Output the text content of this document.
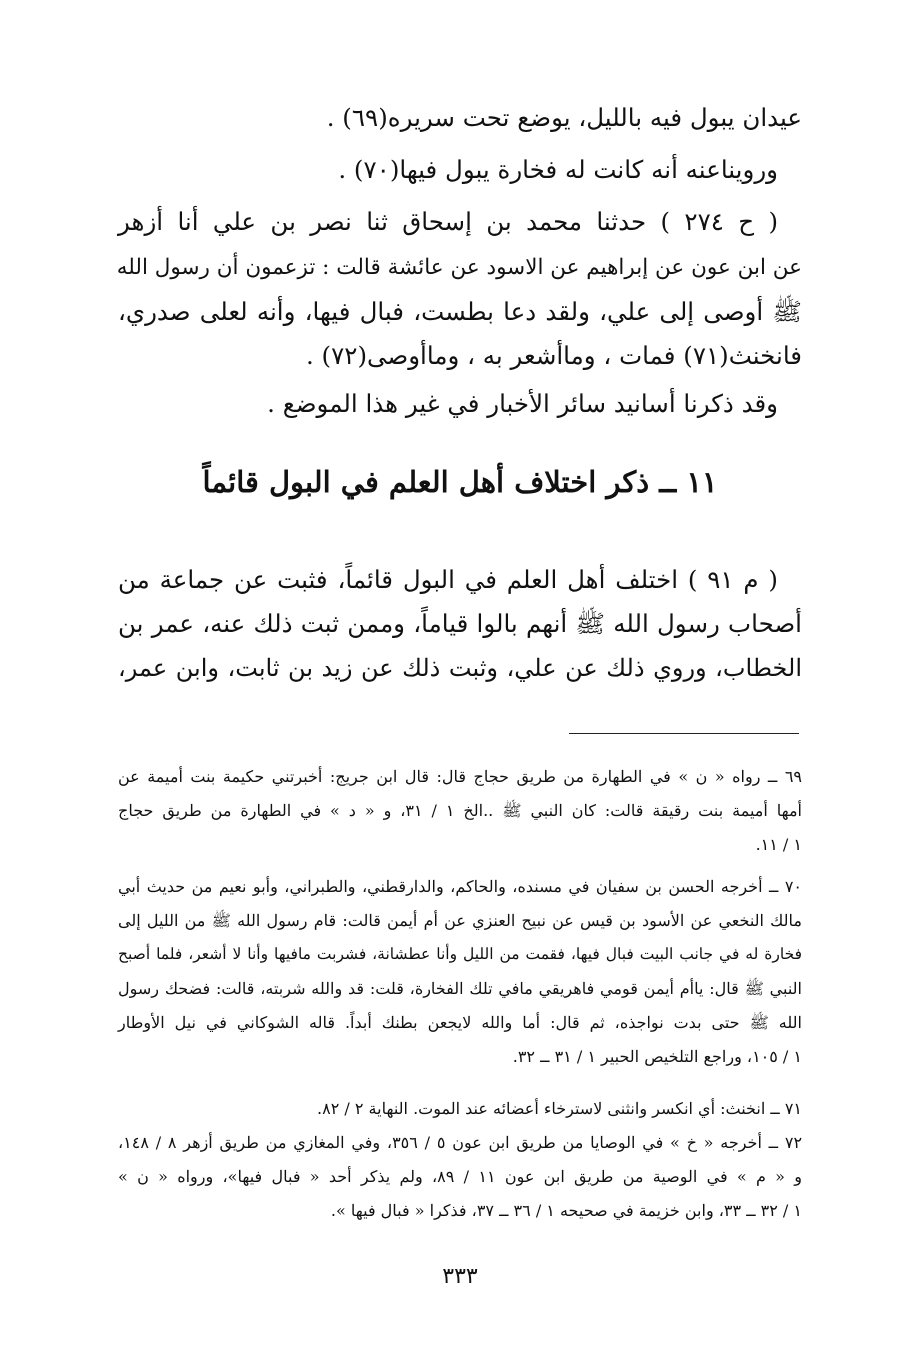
عيدان يبول فيه بالليل، يوضع تحت سريره(٦٩) .
ورويناعنه أنه كانت له فخارة يبول فيها(٧٠) .
( ح ٢٧٤ ) حدثنا محمد بن إسحاق ثنا نصر بن علي أنا أزهر
عن ابن عون عن إبراهيم عن الاسود عن عائشة قالت : تزعمون أن رسول الله
ﷺ أوصى إلى علي، ولقد دعا بطست، فبال فيها، وأنه لعلى صدري،
فانخنث(٧١) فمات ، وماأشعر به ، وماأوصى(٧٢) .
وقد ذكرنا أسانيد سائر الأخبار في غير هذا الموضع .
١١ ــ ذكر اختلاف أهل العلم في البول قائماً
( م ٩١ ) اختلف أهل العلم في البول قائماً، فثبت عن جماعة من
أصحاب رسول الله ﷺ أنهم بالوا قياماً، وممن ثبت ذلك عنه، عمر بن
الخطاب، وروي ذلك عن علي، وثبت ذلك عن زيد بن ثابت، وابن عمر،
٦٩ ــ رواه « ن » في الطهارة من طريق حجاج قال: قال ابن جريج: أخبرتني حكيمة بنت أميمة عن
أمها أميمة بنت رقيقة قالت: كان النبي ﷺ ..الخ ١ / ٣١، و « د » في الطهارة من طريق حجاج
١ / ١١.
٧٠ ــ أخرجه الحسن بن سفيان في مسنده، والحاكم، والدارقطني، والطبراني، وأبو نعيم من حديث أبي
مالك النخعي عن الأسود بن قيس عن نبيح العنزي عن أم أيمن قالت: قام رسول الله ﷺ من الليل إلى
فخارة له في جانب البيت فبال فيها، فقمت من الليل وأنا عطشانة، فشربت مافيها وأنا لا أشعر، فلما أصبح
النبي ﷺ قال: ياأم أيمن قومي فاهريقي مافي تلك الفخارة، قلت: قد والله شربته، قالت: فضحك رسول
الله ﷺ حتى بدت نواجذه، ثم قال: أما والله لايجعن بطنك أبداً. قاله الشوكاني في نيل الأوطار
١ / ١٠٥، وراجع التلخيص الحبير ١ / ٣١ ــ ٣٢.
٧١ ــ انخنث: أي انكسر وانثنى لاسترخاء أعضائه عند الموت. النهاية ٢ / ٨٢.
٧٢ ــ أخرجه « خ » في الوصايا من طريق ابن عون ٥ / ٣٥٦، وفي المغازي من طريق أزهر ٨ / ١٤٨،
و « م » في الوصية من طريق ابن عون ١١ / ٨٩، ولم يذكر أحد « فبال فيها»، ورواه « ن »
١ / ٣٢ ــ ٣٣، وابن خزيمة في صحيحه ١ / ٣٦ ــ ٣٧، فذكرا « فبال فيها ».
٣٣٣
